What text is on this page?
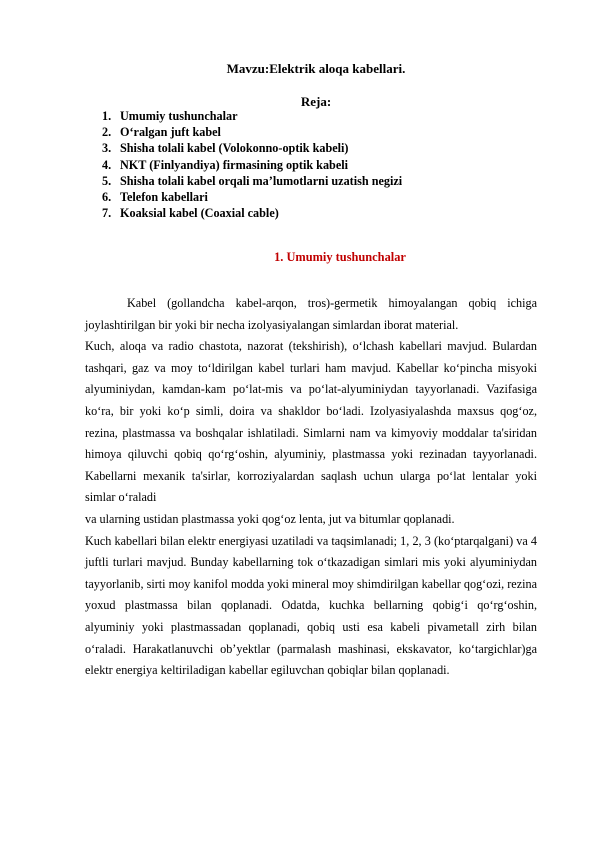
Mavzu:Elektrik aloqa kabellari.
Reja:
1. Umumiy tushunchalar
2. O‘ralgan juft kabel
3. Shisha tolali kabel (Volokonno-optik kabeli)
4. NKT (Finlyandiya) firmasining optik kabeli
5. Shisha tolali kabel orqali ma’lumotlarni uzatish negizi
6. Telefon kabellari
7. Koaksial kabel (Coaxial cable)
1. Umumiy tushunchalar

Kabel (gollandcha kabel-arqon, tros)-germetik himoyalangan qobiq ichiga joylashtirilgan bir yoki bir necha izolyasiyalangan simlardan iborat material.

Kuch, aloqa va radio chastota, nazorat (tekshirish), o‘lchash kabellari mavjud. Bulardan tashqari, gaz va moy to‘ldirilgan kabel turlari ham mavjud. Kabellar ko‘pincha misyoki alyuminiydan, kamdan-kam po‘lat-mis va po‘lat-alyuminiydan tayyorlanadi. Vazifasiga ko‘ra, bir yoki ko‘p simli, doira va shakldor bo‘ladi. Izolyasiyalashda maxsus qog‘oz, rezina, plastmassa va boshqalar ishlatiladi. Simlarni nam va kimyoviy moddalar ta'siridan himoya qiluvchi qobiq qo‘rg‘oshin, alyuminiy, plastmassa yoki rezinadan tayyorlanadi. Kabellarni mexanik ta'sirlar, korroziyalardan saqlash uchun ularga po‘lat lentalar yoki simlar o‘raladi

va ularning ustidan plastmassa yoki qog‘oz lenta, jut va bitumlar qoplanadi.

Kuch kabellari bilan elektr energiyasi uzatiladi va taqsimlanadi; 1, 2, 3 (ko‘ptarqalgani) va 4 juftli turlari mavjud. Bunday kabellarning tok o‘tkazadigan simlari mis yoki alyuminiydan tayyorlanib, sirti moy kanifol modda yoki mineral moy shimdirilgan kabellar qog‘ozi, rezina yoxud plastmassa bilan qoplanadi. Odatda, kuchka bellarning qobig‘i qo‘rg‘oshin, alyuminiy yoki plastmassadan qoplanadi, qobiq usti esa kabeli pivametall zirh bilan o‘raladi. Harakatlanuvchi ob’yektlar (parmalash mashinasi, ekskavator, ko‘targichlar)ga elektr energiya keltiriladigan kabellar egiluvchan qobiqlar bilan qoplanadi.
